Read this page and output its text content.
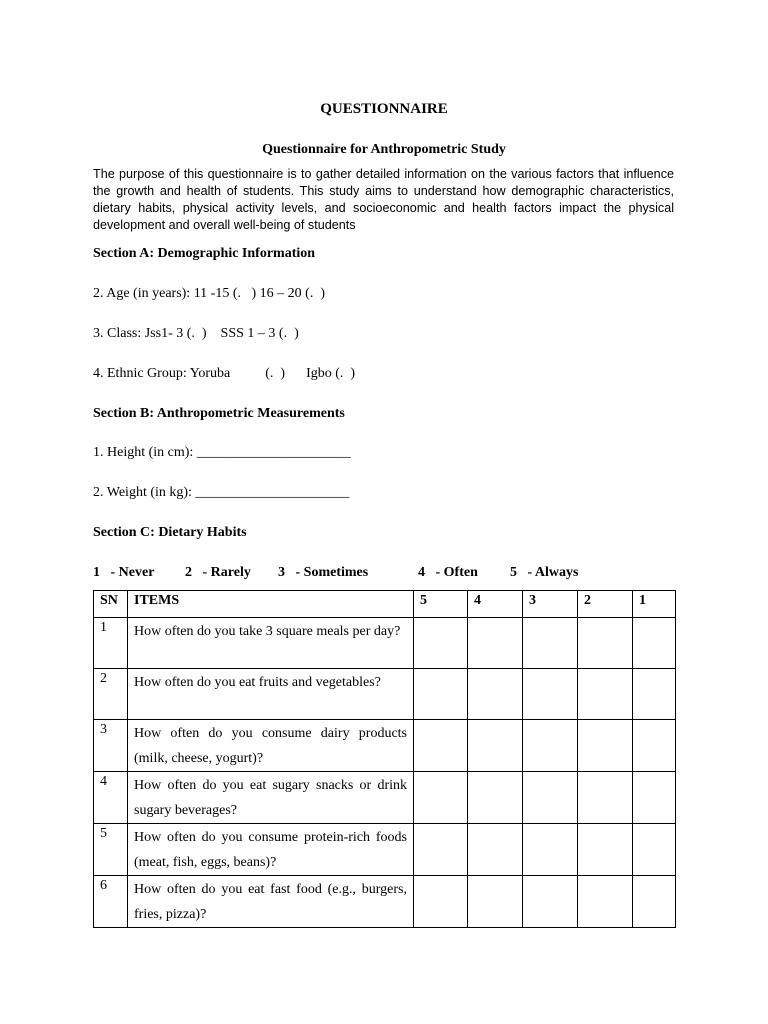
QUESTIONNAIRE
Questionnaire for Anthropometric Study
The purpose of this questionnaire is to gather detailed information on the various factors that influence the growth and health of students. This study aims to understand how demographic characteristics, dietary habits, physical activity levels, and socioeconomic and health factors impact the physical development and overall well-being of students
Section A: Demographic Information
2. Age (in years): 11 -15 (.   ) 16 – 20 (.  )
3. Class: Jss1- 3 (.  )    SSS 1 – 3 (.  )
4. Ethnic Group: Yoruba          (.  )      Igbo (.  )
Section B: Anthropometric Measurements
1. Height (in cm): ______________________
2. Weight (in kg): ______________________
Section C: Dietary Habits
1   - Never 2   - Rarely 3   - Sometimes	4   - Often 5   - Always
SN	ITEMS	5	4	3	2	1
1	How often do you take 3 square meals per day?					
2	How often do you eat fruits and vegetables?					
3	How often do you consume dairy products (milk, cheese, yogurt)?					
4	How often do you eat sugary snacks or drink sugary beverages?					
5	How often do you consume protein-rich foods (meat, fish, eggs, beans)?					
6	How often do you eat fast food (e.g., burgers, fries, pizza)?					
